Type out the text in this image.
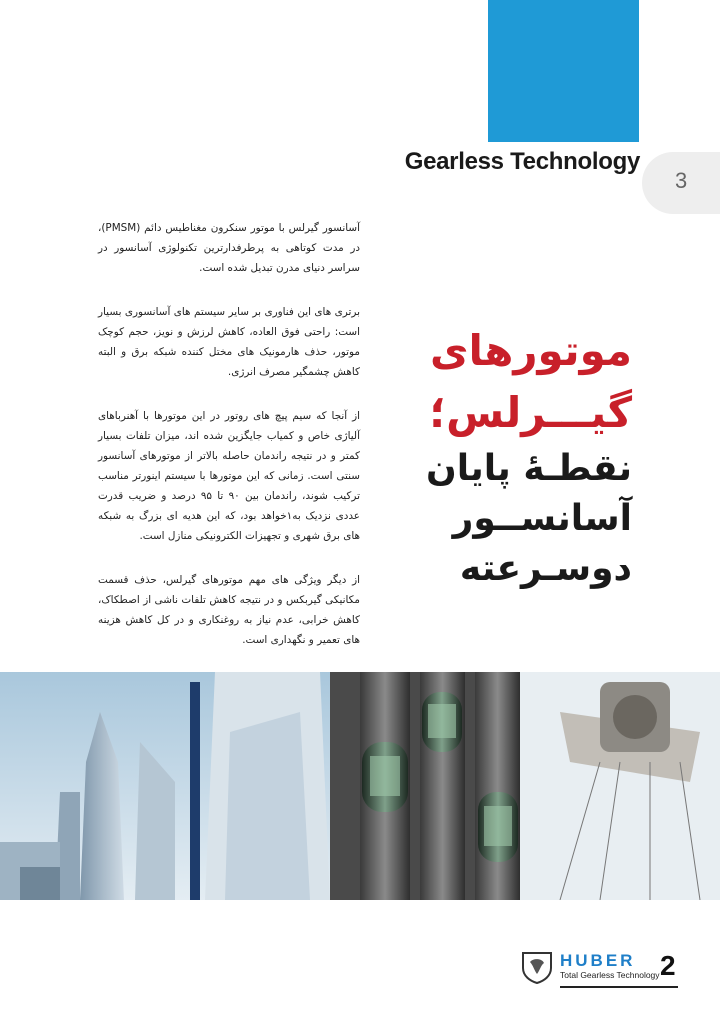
Gearless Technology
3

آسانسور گیرلس با موتور سنکرون مغناطیس دائم (PMSM)، در مدت کوتاهی به پرطرفدارترین تکنولوژی آسانسور در سراسر دنیای مدرن تبدیل شده است.

برتری های این فناوری بر سایر سیستم های آسانسوری بسیار است: راحتی فوق العاده، کاهش لرزش و نویز، حجم کوچک موتور، حذف هارمونیک های مختل کننده شبکه برق و البته کاهش چشمگیر مصرف انرژی.

از آنجا که سیم پیچ های روتور در این موتورها با آهنرباهای آلیاژی خاص و کمیاب جایگزین شده اند، میزان تلفات بسیار کمتر و در نتیجه راندمان حاصله بالاتر از موتورهای آسانسور سنتی است. زمانی که این موتورها با سیستم اینورتر مناسب ترکیب شوند، راندمان بین ۹۰ تا ۹۵ درصد و ضریب قدرت عددی نزدیک به۱خواهد بود، که این هدیه ای بزرگ به شبکه های برق شهری و تجهیزات الکترونیکی منازل است.

از دیگر ویژگی های مهم موتورهای گیرلس، حذف قسمت مکانیکی گیربکس و در نتیجه کاهش تلفات ناشی از اصطکاک، کاهش خرابی، عدم نیاز به روغنکاری و در کل کاهش هزینه های تعمیر و نگهداری است.

موتورهای
گیـــرلس؛
نقطـۀ پایان
آسانســور
دوسـرعته
HUBER
Total Gearless Technology 2
